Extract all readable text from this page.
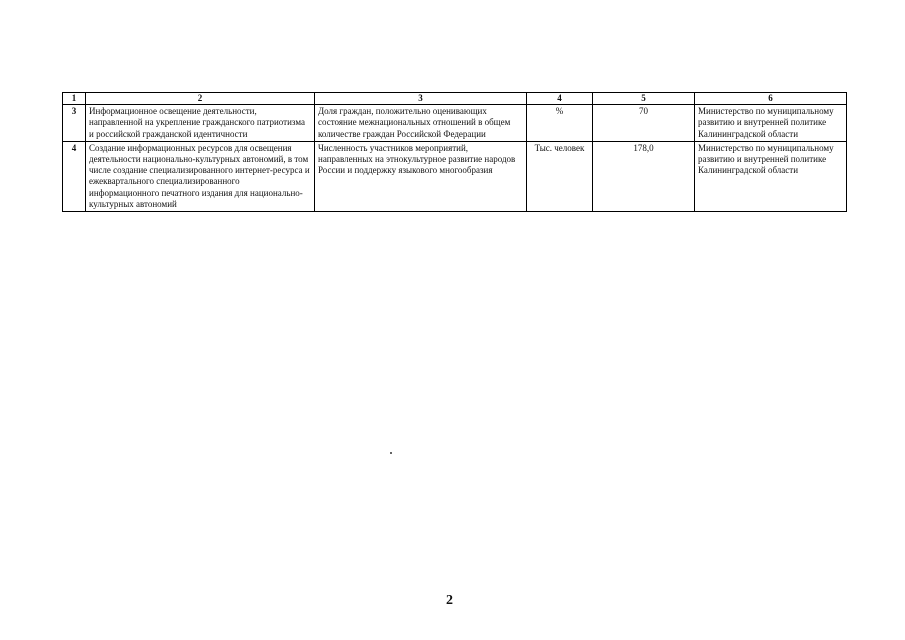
1	2	3	4	5	6
3	Информационное освещение деятельности, направленной на укрепление гражданского патриотизма и российской гражданской идентичности	Доля граждан, положительно оценивающих состояние межнациональных отношений в общем количестве граждан Российской Федерации	%	70	Министерство по муниципальному развитию и внутренней политике Калининградской области
4	Создание информационных ресурсов для освещения деятельности национально-культурных автономий, в том числе создание специализированного интернет-ресурса и ежеквартального специализированного информационного печатного издания для национально-культурных автономий	Численность участников мероприятий, направленных на этнокультурное развитие народов России и поддержку языкового многообразия	Тыс. человек	178,0	Министерство по муниципальному развитию и внутренней политике Калининградской области
2
